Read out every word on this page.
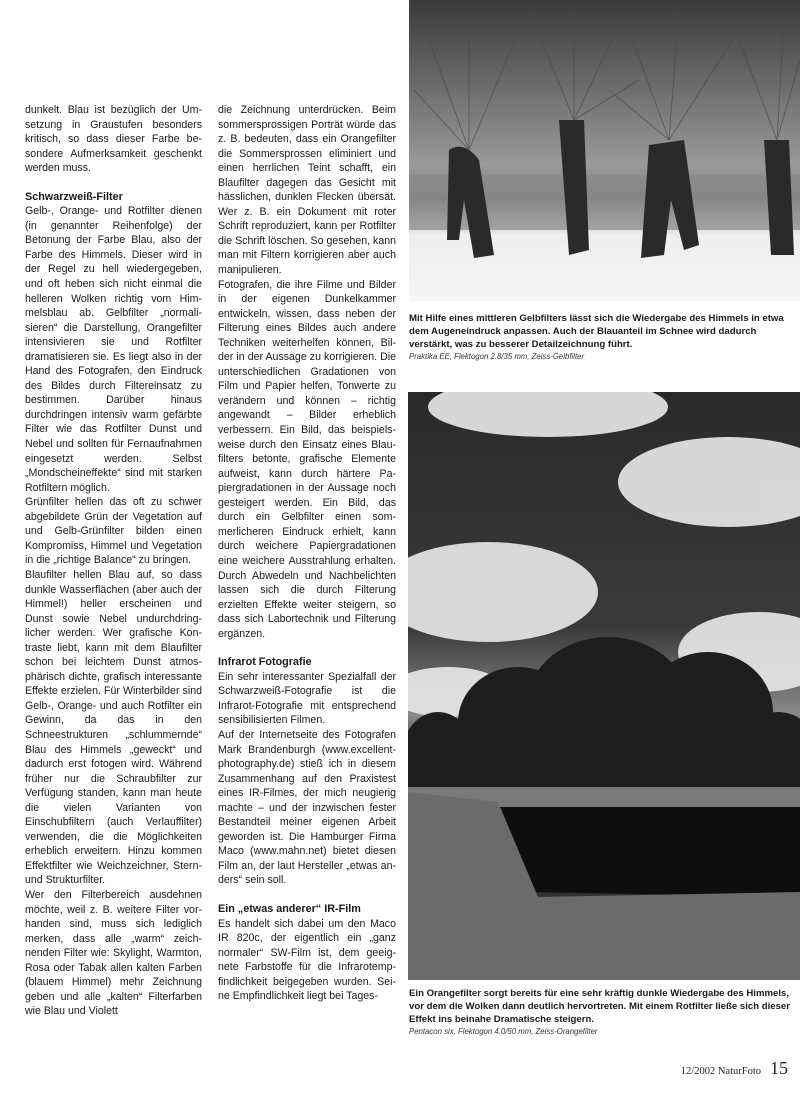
dunkelt. Blau ist bezüglich der Umsetzung in Graustufen besonders kritisch, so dass dieser Farbe besondere Aufmerksamkeit geschenkt werden muss.

Schwarzweiß-Filter

Gelb-, Orange- und Rotfilter dienen (in genannter Reihenfolge) der Betonung der Farbe Blau, also der Farbe des Himmels. Dieser wird in der Regel zu hell wiedergegeben, und oft heben sich nicht einmal die helleren Wolken richtig vom Himmelsblau ab. Gelbfilter „normalisieren“ die Darstellung, Orangefilter intensivieren sie und Rotfilter dramatisieren sie. Es liegt also in der Hand des Fotografen, den Eindruck des Bildes durch Filtereinsatz zu bestimmen. Darüber hinaus durchdringen intensiv warm gefärbte Filter wie das Rotfilter Dunst und Nebel und sollten für Fernaufnahmen eingesetzt werden. Selbst „Mondscheineffekte“ sind mit starken Rotfiltern möglich.

Grünfilter hellen das oft zu schwer abgebildete Grün der Vegetation auf und Gelb-Grünfilter bilden einen Kompromiss, Himmel und Vegetation in die „richtige Balance“ zu bringen.

Blaufilter hellen Blau auf, so dass dunkle Wasserflächen (aber auch der Himmel!) heller erscheinen und Dunst sowie Nebel undurchdringlicher werden. Wer grafische Kontraste liebt, kann mit dem Blaufilter schon bei leichtem Dunst atmosphärisch dichte, grafisch interessante Effekte erzielen. Für Winterbilder sind Gelb-, Orange- und auch Rotfilter ein Gewinn, da das in den Schneestrukturen „schlummernde“ Blau des Himmels „geweckt“ und dadurch erst fotogen wird. Während früher nur die Schraubfilter zur Verfügung standen, kann man heute die vielen Varianten von Einschubfiltern (auch Verlauffilter) verwenden, die die Möglichkeiten erheblich erweitern. Hinzu kommen Effektfilter wie Weichzeichner, Stern- und Strukturfilter.

Wer den Filterbereich ausdehnen möchte, weil z. B. weitere Filter vorhanden sind, muss sich lediglich merken, dass alle „warm“ zeichnenden Filter wie: Skylight, Warmton, Rosa oder Tabak allen kalten Farben (blauem Himmel) mehr Zeichnung geben und alle „kalten“ Filterfarben wie Blau und Violett

die Zeichnung unterdrücken. Beim sommersprossigen Porträt würde das z. B. bedeuten, dass ein Orangefilter die Sommersprossen eliminiert und einen herrlichen Teint schafft, ein Blaufilter dagegen das Gesicht mit hässlichen, dunklen Flecken übersät. Wer z. B. ein Dokument mit roter Schrift reproduziert, kann per Rotfilter die Schrift löschen. So gesehen, kann man mit Filtern korrigieren aber auch manipulieren.

Fotografen, die ihre Filme und Bilder in der eigenen Dunkelkammer entwickeln, wissen, dass neben der Filterung eines Bildes auch andere Techniken weiterhelfen können, Bilder in der Aussage zu korrigieren. Die unterschiedlichen Gradationen von Film und Papier helfen, Tonwerte zu verändern und können – richtig angewandt – Bilder erheblich verbessern. Ein Bild, das beispielsweise durch den Einsatz eines Blaufilters betonte, grafische Elemente aufweist, kann durch härtere Papiergradationen in der Aussage noch gesteigert werden. Ein Bild, das durch ein Gelbfilter einen sommerlicheren Eindruck erhielt, kann durch weichere Papiergradationen eine weichere Ausstrahlung erhalten. Durch Abwedeln und Nachbelichten lassen sich die durch Filterung erzielten Effekte weiter steigern, so dass sich Labortechnik und Filterung ergänzen.

Infrarot Fotografie

Ein sehr interessanter Spezialfall der Schwarzweiß-Fotografie ist die Infrarot-Fotografie mit entsprechend sensibilisierten Filmen.

Auf der Internetseite des Fotografen Mark Brandenburgh (www.excellent-photography.de) stieß ich in diesem Zusammenhang auf den Praxistest eines IR-Filmes, der mich neugierig machte – und der inzwischen fester Bestandteil meiner eigenen Arbeit geworden ist. Die Hamburger Firma Maco (www.mahn.net) bietet diesen Film an, der laut Hersteller „etwas anders“ sein soll.

Ein „etwas anderer“ IR-Film

Es handelt sich dabei um den Maco IR 820c, der eigentlich ein „ganz normaler“ SW-Film ist, dem geeignete Farbstoffe für die Infrarotempfindlichkeit beigegeben wurden. Seine Empfindlichkeit liegt bei Tages-

Mit Hilfe eines mittleren Gelbfilters lässt sich die Wiedergabe des Himmels in etwa dem Augeneindruck anpassen. Auch der Blauanteil im Schnee wird dadurch verstärkt, was zu besserer Detailzeichnung führt.
Praktika EE, Flektogon 2.8/35 mm, Zeiss-Gelbfilter
Ein Orangefilter sorgt bereits für eine sehr kräftig dunkle Wiedergabe des Himmels, vor dem die Wolken dann deutlich hervortreten. Mit einem Rotfilter ließe sich dieser Effekt ins beinahe Dramatische steigern.
Pentacon six, Flektogon 4.0/50 mm, Zeiss-Orangefilter
12/2002 NaturFoto 15
